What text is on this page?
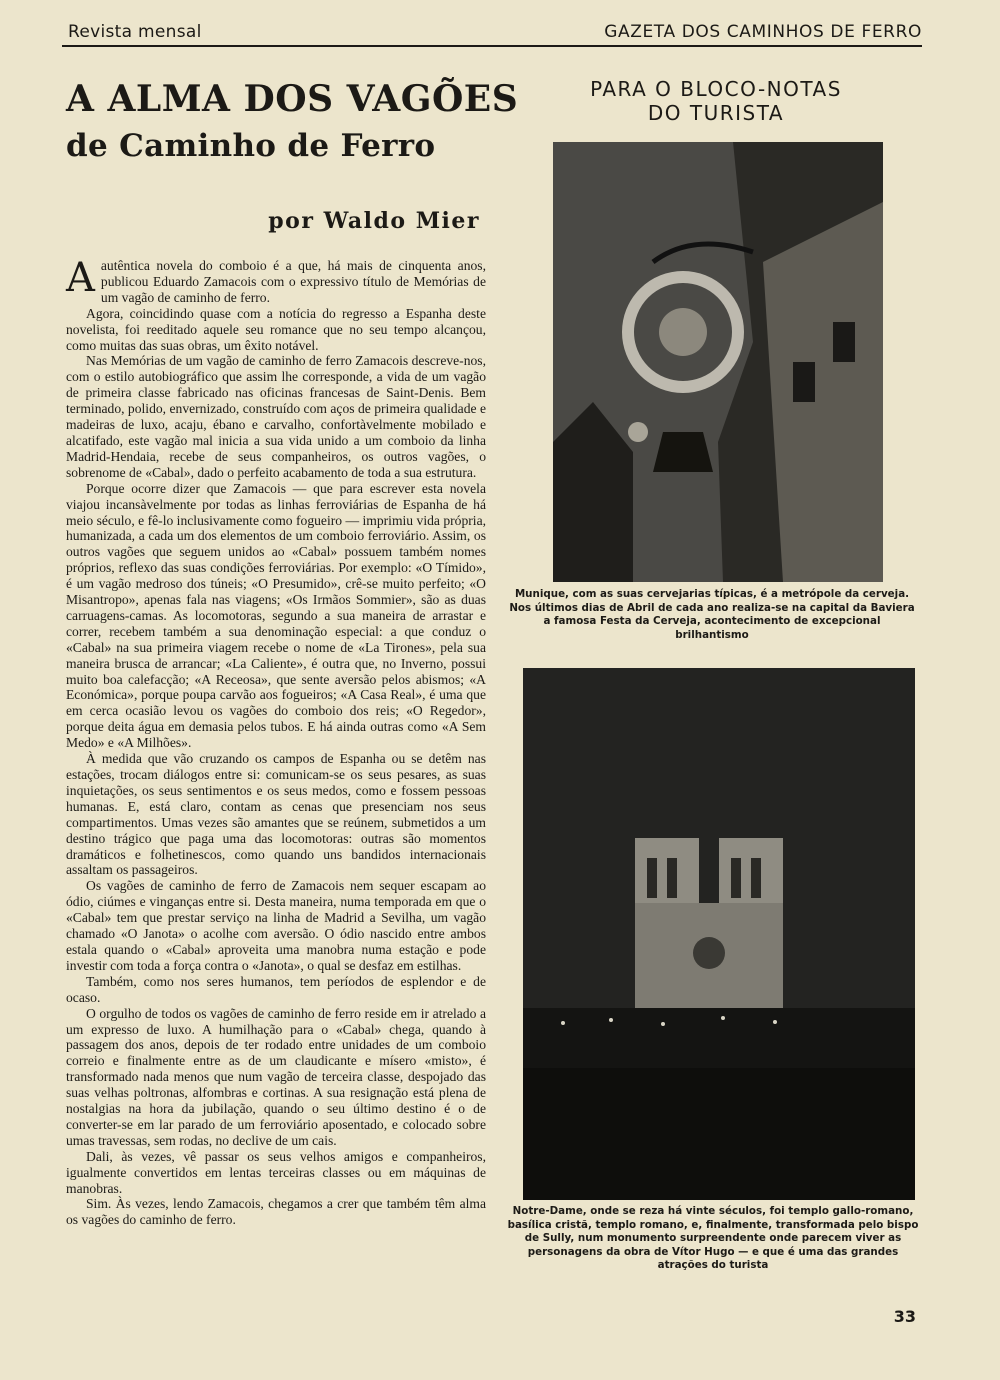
Revista mensal	GAZETA DOS CAMINHOS DE FERRO
A ALMA DOS VAGÕES
de Caminho de Ferro
por Waldo Mier

Aautêntica novela do comboio é a que, há mais de cinquenta anos, publicou Eduardo Zamacois com o expressivo título de Memórias de um vagão de caminho de ferro.

Agora, coincidindo quase com a notícia do regresso a Espanha deste novelista, foi reeditado aquele seu romance que no seu tempo alcançou, como muitas das suas obras, um êxito notável.

Nas Memórias de um vagão de caminho de ferro Zamacois descreve-nos, com o estilo autobiográfico que assim lhe corresponde, a vida de um vagão de primeira classe fabricado nas oficinas francesas de Saint-Denis. Bem terminado, polido, envernizado, construído com aços de primeira qualidade e madeiras de luxo, acaju, ébano e carvalho, confortàvelmente mobilado e alcatifado, este vagão mal inicia a sua vida unido a um comboio da linha Madrid-Hendaia, recebe de seus companheiros, os outros vagões, o sobrenome de «Cabal», dado o perfeito acabamento de toda a sua estrutura.

Porque ocorre dizer que Zamacois — que para escrever esta novela viajou incansàvelmente por todas as linhas ferroviárias de Espanha de há meio século, e fê-lo inclusivamente como fogueiro — imprimiu vida própria, humanizada, a cada um dos elementos de um comboio ferroviário. Assim, os outros vagões que seguem unidos ao «Cabal» possuem também nomes próprios, reflexo das suas condições ferroviárias. Por exemplo: «O Tímido», é um vagão medroso dos túneis; «O Presumido», crê-se muito perfeito; «O Misantropo», apenas fala nas viagens; «Os Irmãos Sommier», são as duas carruagens-camas. As locomotoras, segundo a sua maneira de arrastar e correr, recebem também a sua denominação especial: a que conduz o «Cabal» na sua primeira viagem recebe o nome de «La Tirones», pela sua maneira brusca de arrancar; «La Caliente», é outra que, no Inverno, possui muito boa calefacção; «A Receosa», que sente aversão pelos abismos; «A Económica», porque poupa carvão aos fogueiros; «A Casa Real», é uma que em cerca ocasião levou os vagões do comboio dos reis; «O Regedor», porque deita água em demasia pelos tubos. E há ainda outras como «A Sem Medo» e «A Milhões».

À medida que vão cruzando os campos de Espanha ou se detêm nas estações, trocam diálogos entre si: comunicam-se os seus pesares, as suas inquietações, os seus sentimentos e os seus medos, como e fossem pessoas humanas. E, está claro, contam as cenas que presenciam nos seus compartimentos. Umas vezes são amantes que se reúnem, submetidos a um destino trágico que paga uma das locomotoras: outras são momentos dramáticos e folhetinescos, como quando uns bandidos internacionais assaltam os passageiros.

Os vagões de caminho de ferro de Zamacois nem sequer escapam ao ódio, ciúmes e vinganças entre si. Desta maneira, numa temporada em que o «Cabal» tem que prestar serviço na linha de Madrid a Sevilha, um vagão chamado «O Janota» o acolhe com aversão. O ódio nascido entre ambos estala quando o «Cabal» aproveita uma manobra numa estação e pode investir com toda a força contra o «Janota», o qual se desfaz em estilhas.

Também, como nos seres humanos, tem períodos de esplendor e de ocaso.

O orgulho de todos os vagões de caminho de ferro reside em ir atrelado a um expresso de luxo. A humilhação para o «Cabal» chega, quando à passagem dos anos, depois de ter rodado entre unidades de um comboio correio e finalmente entre as de um claudicante e mísero «misto», é transformado nada menos que num vagão de terceira classe, despojado das suas velhas poltronas, alfombras e cortinas. A sua resignação está plena de nostalgias na hora da jubilação, quando o seu último destino é o de converter-se em lar parado de um ferroviário aposentado, e colocado sobre umas travessas, sem rodas, no declive de um cais.

Dali, às vezes, vê passar os seus velhos amigos e companheiros, igualmente convertidos em lentas terceiras classes ou em máquinas de manobras.

Sim. Às vezes, lendo Zamacois, chegamos a crer que também têm alma os vagões do caminho de ferro.

PARA O BLOCO-NOTAS
DO TURISTA
Munique, com as suas cervejarias típicas, é a metrópole da cerveja. Nos últimos dias de Abril de cada ano realiza-se na capital da Baviera a famosa Festa da Cerveja, acontecimento de excepcional brilhantismo
Notre-Dame, onde se reza há vinte séculos, foi templo gallo-romano, basílica cristã, templo romano, e, finalmente, transformada pelo bispo de Sully, num monumento surpreendente onde parecem viver as personagens da obra de Vítor Hugo — e que é uma das grandes atrações do turista
33
